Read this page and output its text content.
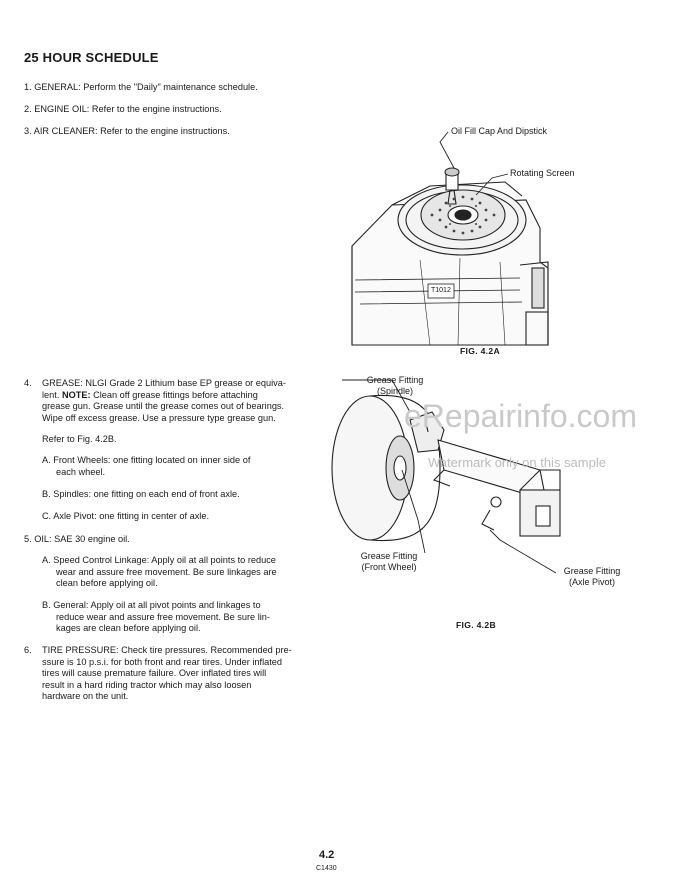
25 HOUR SCHEDULE
1. GENERAL: Perform the "Daily" maintenance schedule.
2. ENGINE OIL: Refer to the engine instructions.
3. AIR CLEANER: Refer to the engine instructions.
4. GREASE: NLGI Grade 2 Lithium base EP grease or equiva-
lent. NOTE: Clean off grease fittings before attaching
grease gun. Grease until the grease comes out of bearings.
Wipe off excess grease. Use a pressure type grease gun.
Refer to Fig. 4.2B.
A. Front Wheels: one fitting located on inner side of
each wheel.
B. Spindles: one fitting on each end of front axle.
C. Axle Pivot: one fitting in center of axle.
5. OIL: SAE 30 engine oil.
A. Speed Control Linkage: Apply oil at all points to reduce
wear and assure free movement. Be sure linkages are
clean before applying oil.
B. General: Apply oil at all pivot points and linkages to
reduce wear and assure free movement. Be sure lin-
kages are clean before applying oil.
6. TIRE PRESSURE: Check tire pressures. Recommended pre-
ssure is 10 p.s.i. for both front and rear tires. Under inflated
tires will cause premature failure. Over inflated tires will
result in a hard riding tractor which may also loosen
hardware on the unit.
Oil Fill Cap And Dipstick
Rotating Screen
T1012
FIG. 4.2A
Grease Fitting
(Spindle)
Grease Fitting
(Front Wheel)	Grease Fitting
(Axle Pivot)
FIG. 4.2B
eRepairinfo.com
Watermark only on this sample
4.2
C1430
